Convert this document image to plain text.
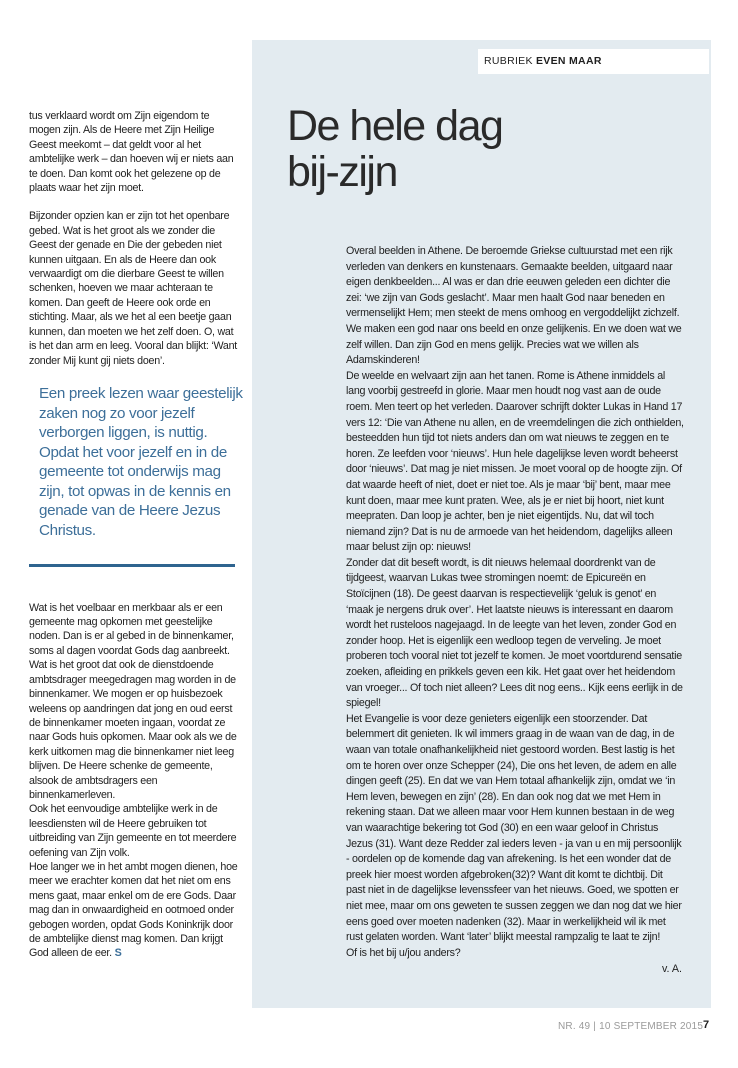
tus verklaard wordt om Zijn eigendom te mogen zijn. Als de Heere met Zijn Heilige Geest meekomt – dat geldt voor al het ambtelijke werk – dan hoeven wij er niets aan te doen. Dan komt ook het gelezene op de plaats waar het zijn moet.

Bijzonder opzien kan er zijn tot het openbare gebed. Wat is het groot als we zonder die Geest der genade en Die der gebeden niet kunnen uitgaan. En als de Heere dan ook verwaardigt om die dierbare Geest te willen schenken, hoeven we maar achteraan te komen. Dan geeft de Heere ook orde en stichting. Maar, als we het al een beetje gaan kunnen, dan moeten we het zelf doen. O, wat is het dan arm en leeg. Vooral dan blijkt: ‘Want zonder Mij kunt gij niets doen’.

Een preek lezen waar geestelijk zaken nog zo voor jezelf verborgen liggen, is nuttig. Opdat het voor jezelf en in de gemeente tot onderwijs mag zijn, tot opwas in de kennis en genade van de Heere Jezus Christus.

Wat is het voelbaar en merkbaar als er een gemeente mag opkomen met geestelijke noden. Dan is er al gebed in de binnenkamer, soms al dagen voordat Gods dag aanbreekt. Wat is het groot dat ook de dienstdoende ambtsdrager meegedragen mag worden in de binnenkamer. We mogen er op huisbezoek weleens op aandringen dat jong en oud eerst de binnenkamer moeten ingaan, voordat ze naar Gods huis opkomen. Maar ook als we de kerk uitkomen mag die binnenkamer niet leeg blijven. De Heere schenke de gemeente, alsook de ambtsdragers een binnenkamerleven.

Ook het eenvoudige ambtelijke werk in de leesdiensten wil de Heere gebruiken tot uitbreiding van Zijn gemeente en tot meerdere oefening van Zijn volk.

Hoe langer we in het ambt mogen dienen, hoe meer we erachter komen dat het niet om ens mens gaat, maar enkel om de ere Gods. Daar mag dan in onwaardigheid en ootmoed onder gebogen worden, opdat Gods Koninkrijk door de ambtelijke dienst mag komen. Dan krijgt God alleen de eer. S

RUBRIEK EVEN MAAR
De hele dag
bij-zijn

Overal beelden in Athene. De beroemde Griekse cultuurstad met een rijk verleden van denkers en kunstenaars. Gemaakte beelden, uitgaard naar eigen denkbeelden... Al was er dan drie eeuwen geleden een dichter die zei: ‘we zijn van Gods geslacht’. Maar men haalt God naar beneden en vermenselijkt Hem; men steekt de mens omhoog en vergoddelijkt zichzelf. We maken een god naar ons beeld en onze gelijkenis. En we doen wat we zelf willen. Dan zijn God en mens gelijk. Precies wat we willen als Adamskinderen!

De weelde en welvaart zijn aan het tanen. Rome is Athene inmiddels al lang voorbij gestreefd in glorie. Maar men houdt nog vast aan de oude roem. Men teert op het verleden. Daarover schrijft dokter Lukas in Hand 17 vers 12: ‘Die van Athene nu allen, en de vreemdelingen die zich onthielden, besteedden hun tijd tot niets anders dan om wat nieuws te zeggen en te horen. Ze leefden voor ‘nieuws’. Hun hele dagelijkse leven wordt beheerst door ‘nieuws’. Dat mag je niet missen. Je moet vooral op de hoogte zijn. Of dat waarde heeft of niet, doet er niet toe. Als je maar ‘bij’ bent, maar mee kunt doen, maar mee kunt praten. Wee, als je er niet bij hoort, niet kunt meepraten. Dan loop je achter, ben je niet eigentijds. Nu, dat wil toch niemand zijn? Dat is nu de armoede van het heidendom, dagelijks alleen maar belust zijn op: nieuws!

Zonder dat dit beseft wordt, is dit nieuws helemaal doordrenkt van de tijdgeest, waarvan Lukas twee stromingen noemt: de Epicureën en Stoïcijnen (18). De geest daarvan is respectievelijk ‘geluk is genot’ en ‘maak je nergens druk over’. Het laatste nieuws is interessant en daarom wordt het rusteloos nagejaagd. In de leegte van het leven, zonder God en zonder hoop. Het is eigenlijk een wedloop tegen de verveling. Je moet proberen toch vooral niet tot jezelf te komen. Je moet voortdurend sensatie zoeken, afleiding en prikkels geven een kik. Het gaat over het heidendom van vroeger... Of toch niet alleen? Lees dit nog eens.. Kijk eens eerlijk in de spiegel!

Het Evangelie is voor deze genieters eigenlijk een stoorzender. Dat belemmert dit genieten. Ik wil immers graag in de waan van de dag, in de waan van totale onafhankelijkheid niet gestoord worden. Best lastig is het om te horen over onze Schepper (24), Die ons het leven, de adem en alle dingen geeft (25). En dat we van Hem totaal afhankelijk zijn, omdat we ‘in Hem leven, bewegen en zijn’ (28). En dan ook nog dat we met Hem in rekening staan. Dat we alleen maar voor Hem kunnen bestaan in de weg van waarachtige bekering tot God (30) en een waar geloof in Christus Jezus (31). Want deze Redder zal ieders leven - ja van u en mij persoonlijk - oordelen op de komende dag van afrekening. Is het een wonder dat de preek hier moest worden afgebroken(32)? Want dit komt te dichtbij. Dit past niet in de dagelijkse levenssfeer van het nieuws. Goed, we spotten er niet mee, maar om ons geweten te sussen zeggen we dan nog dat we hier eens goed over moeten nadenken (32). Maar in werkelijkheid wil ik met rust gelaten worden. Want ‘later’ blijkt meestal rampzalig te laat te zijn!

Of is het bij u/jou anders?

v. A.
NR. 49 | 10 SEPTEMBER 2015 7
